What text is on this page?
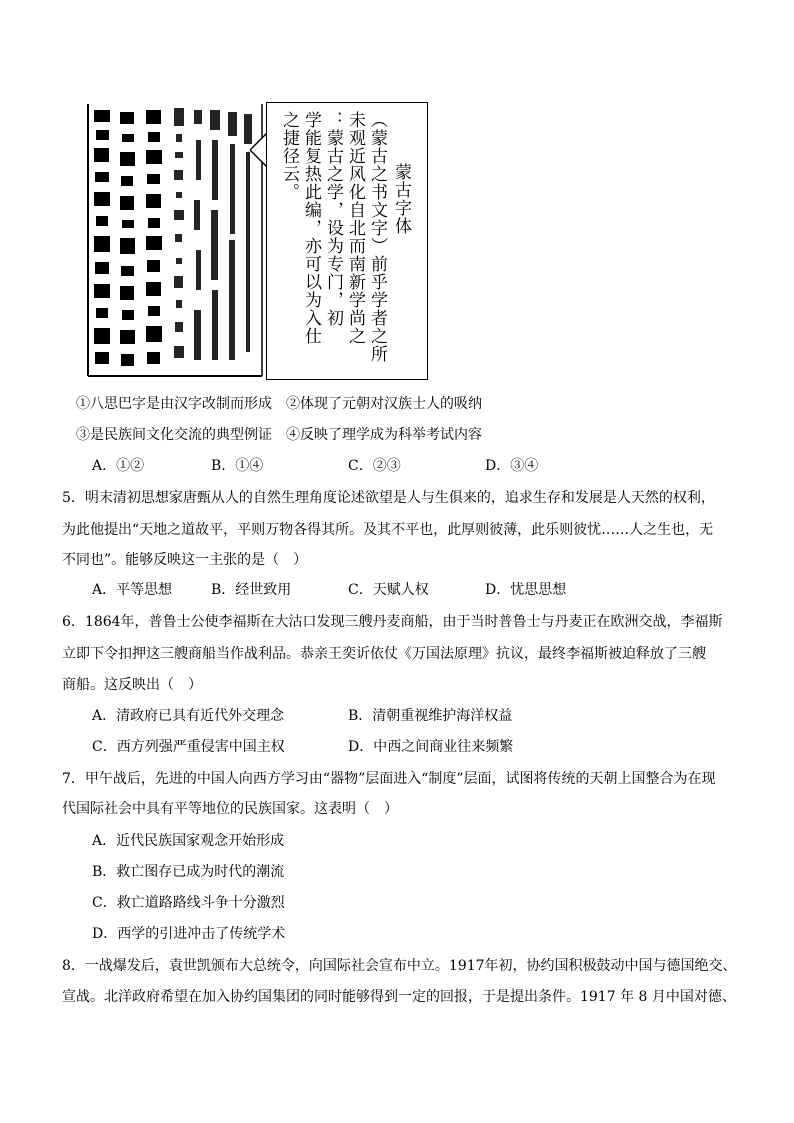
蒙古字体
（蒙古之书文字）前乎学者之所
未观近风化自北而南新学尚之
：蒙古之学，设为专门，初
学能复热此编，亦可以为入仕
之捷径云。
①八思巴字是由汉字改制而形成　②体现了元朝对汉族士人的吸纳
③是民族间文化交流的典型例证　④反映了理学成为科举考试内容
A．①②	B．①④	C．②③	D．③④
5．明末清初思想家唐甄从人的自然生理角度论述欲望是人与生俱来的，追求生存和发展是人天然的权利，
为此他提出“天地之道故平，平则万物各得其所。及其不平也，此厚则彼薄，此乐则彼忧……人之生也，无
不同也”。能够反映这一主张的是（　）
A．平等思想	B．经世致用	C．天赋人权	D．忧思思想
6．1864年，普鲁士公使李福斯在大沽口发现三艘丹麦商船，由于当时普鲁士与丹麦正在欧洲交战，李福斯
立即下令扣押这三艘商船当作战利品。恭亲王奕䜣依仗《万国法原理》抗议，最终李福斯被迫释放了三艘
商船。这反映出（　）
A．清政府已具有近代外交理念	B．清朝重视维护海洋权益
C．西方列强严重侵害中国主权	D．中西之间商业往来频繁
7．甲午战后，先进的中国人向西方学习由“器物”层面进入“制度”层面，试图将传统的天朝上国整合为在现
代国际社会中具有平等地位的民族国家。这表明（　）
A．近代民族国家观念开始形成
B．救亡图存已成为时代的潮流
C．救亡道路路线斗争十分激烈
D．西学的引进冲击了传统学术
8．一战爆发后，袁世凯颁布大总统令，向国际社会宣布中立。1917年初，协约国积极鼓动中国与德国绝交、
宣战。北洋政府希望在加入协约国集团的同时能够得到一定的回报，于是提出条件。1917 年 8 月中国对德、
